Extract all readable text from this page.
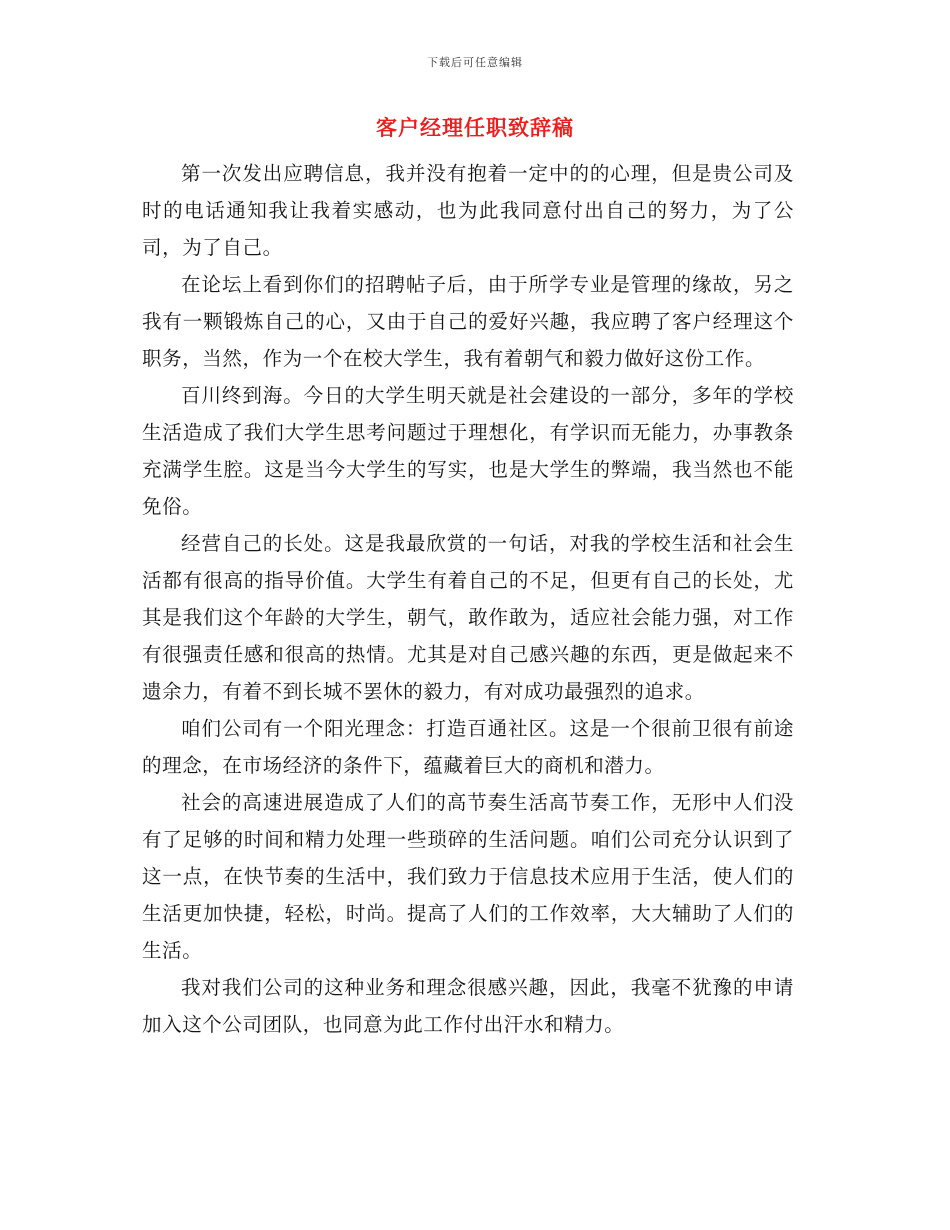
下载后可任意编辑
客户经理任职致辞稿

第一次发出应聘信息，我并没有抱着一定中的的心理，但是贵公司及时的电话通知我让我着实感动，也为此我同意付出自己的努力，为了公司，为了自己。

在论坛上看到你们的招聘帖子后，由于所学专业是管理的缘故，另之我有一颗锻炼自己的心，又由于自己的爱好兴趣，我应聘了客户经理这个职务，当然，作为一个在校大学生，我有着朝气和毅力做好这份工作。

百川终到海。今日的大学生明天就是社会建设的一部分，多年的学校生活造成了我们大学生思考问题过于理想化，有学识而无能力，办事教条充满学生腔。这是当今大学生的写实，也是大学生的弊端，我当然也不能免俗。

经营自己的长处。这是我最欣赏的一句话，对我的学校生活和社会生活都有很高的指导价值。大学生有着自己的不足，但更有自己的长处，尤其是我们这个年龄的大学生，朝气，敢作敢为，适应社会能力强，对工作有很强责任感和很高的热情。尤其是对自己感兴趣的东西，更是做起来不遗余力，有着不到长城不罢休的毅力，有对成功最强烈的追求。

咱们公司有一个阳光理念：打造百通社区。这是一个很前卫很有前途的理念，在市场经济的条件下，蕴藏着巨大的商机和潜力。

社会的高速进展造成了人们的高节奏生活高节奏工作，无形中人们没有了足够的时间和精力处理一些琐碎的生活问题。咱们公司充分认识到了这一点，在快节奏的生活中，我们致力于信息技术应用于生活，使人们的生活更加快捷，轻松，时尚。提高了人们的工作效率，大大辅助了人们的生活。

我对我们公司的这种业务和理念很感兴趣，因此，我毫不犹豫的申请加入这个公司团队，也同意为此工作付出汗水和精力。
